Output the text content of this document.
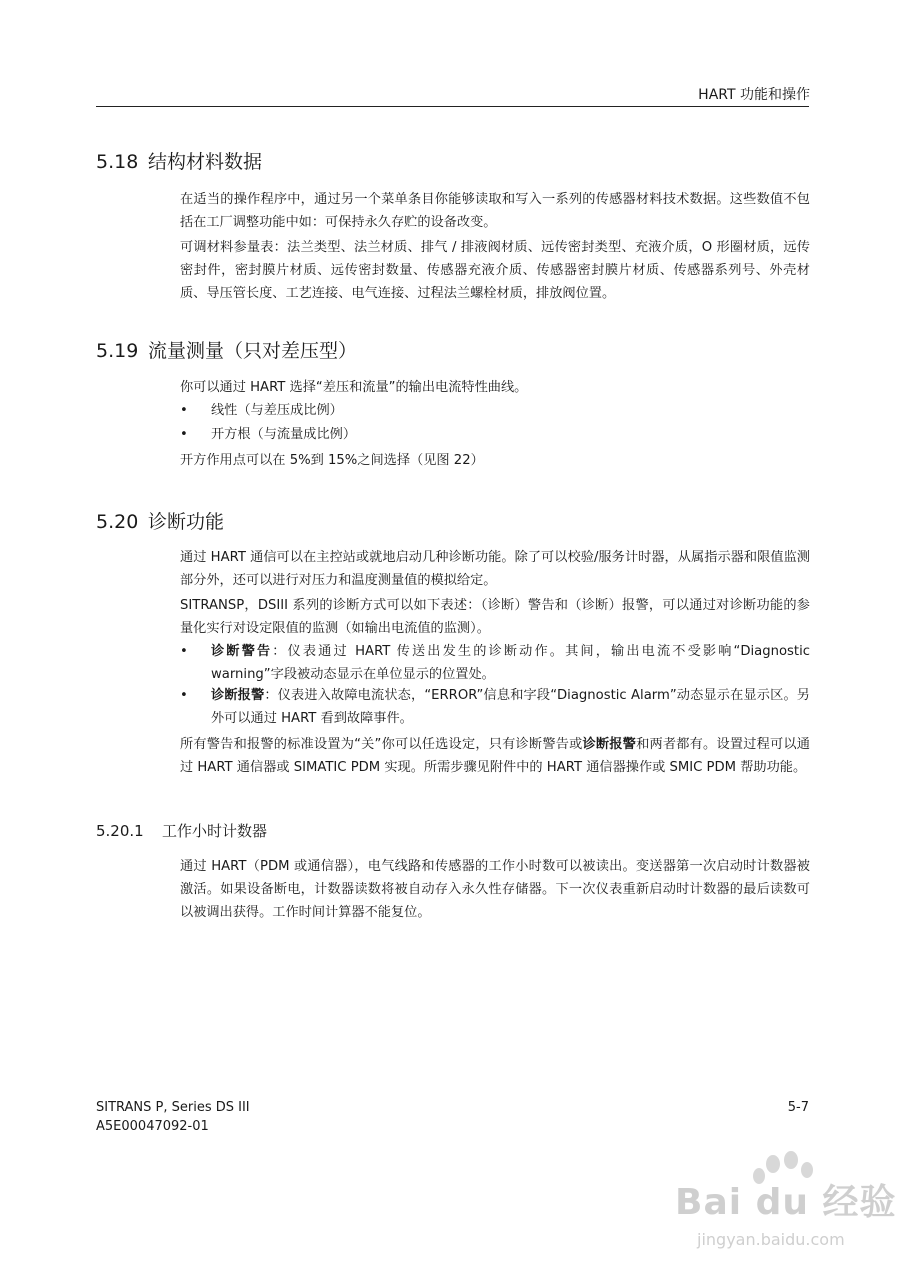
HART 功能和操作
5.18 结构材料数据
在适当的操作程序中，通过另一个菜单条目你能够读取和写入一系列的传感器材料技术数据。这些数值不包括在工厂调整功能中如：可保持永久存贮的设备改变。
可调材料参量表：法兰类型、法兰材质、排气 / 排液阀材质、远传密封类型、充液介质，O 形圈材质，远传密封件，密封膜片材质、远传密封数量、传感器充液介质、传感器密封膜片材质、传感器系列号、外壳材质、导压管长度、工艺连接、电气连接、过程法兰螺栓材质，排放阀位置。
5.19 流量测量（只对差压型）
你可以通过 HART 选择“差压和流量”的输出电流特性曲线。
• 线性（与差压成比例）
• 开方根（与流量成比例）
开方作用点可以在 5%到 15%之间选择（见图 22）
5.20 诊断功能
通过 HART 通信可以在主控站或就地启动几种诊断功能。除了可以校验/服务计时器，从属指示器和限值监测部分外，还可以进行对压力和温度测量值的模拟给定。
SITRANSP，DSIII 系列的诊断方式可以如下表述：（诊断）警告和（诊断）报警，可以通过对诊断功能的参量化实行对设定限值的监测（如输出电流值的监测）。
• 诊断警告：仪表通过 HART 传送出发生的诊断动作。其间，输出电流不受影响“Diagnostic warning”字段被动态显示在单位显示的位置处。
• 诊断报警：仪表进入故障电流状态，“ERROR”信息和字段“Diagnostic Alarm”动态显示在显示区。另外可以通过 HART 看到故障事件。
所有警告和报警的标准设置为“关”你可以任选设定，只有诊断警告或诊断报警和两者都有。设置过程可以通过 HART 通信器或 SIMATIC PDM 实现。所需步骤见附件中的 HART 通信器操作或 SMIC PDM 帮助功能。
5.20.1 工作小时计数器
通过 HART（PDM 或通信器），电气线路和传感器的工作小时数可以被读出。变送器第一次启动时计数器被激活。如果设备断电，计数器读数将被自动存入永久性存储器。下一次仪表重新启动时计数器的最后读数可以被调出获得。工作时间计算器不能复位。
SITRANS P, Series DS III
A5E00047092-01
5-7
Bai du 经验
jingyan.baidu.com
